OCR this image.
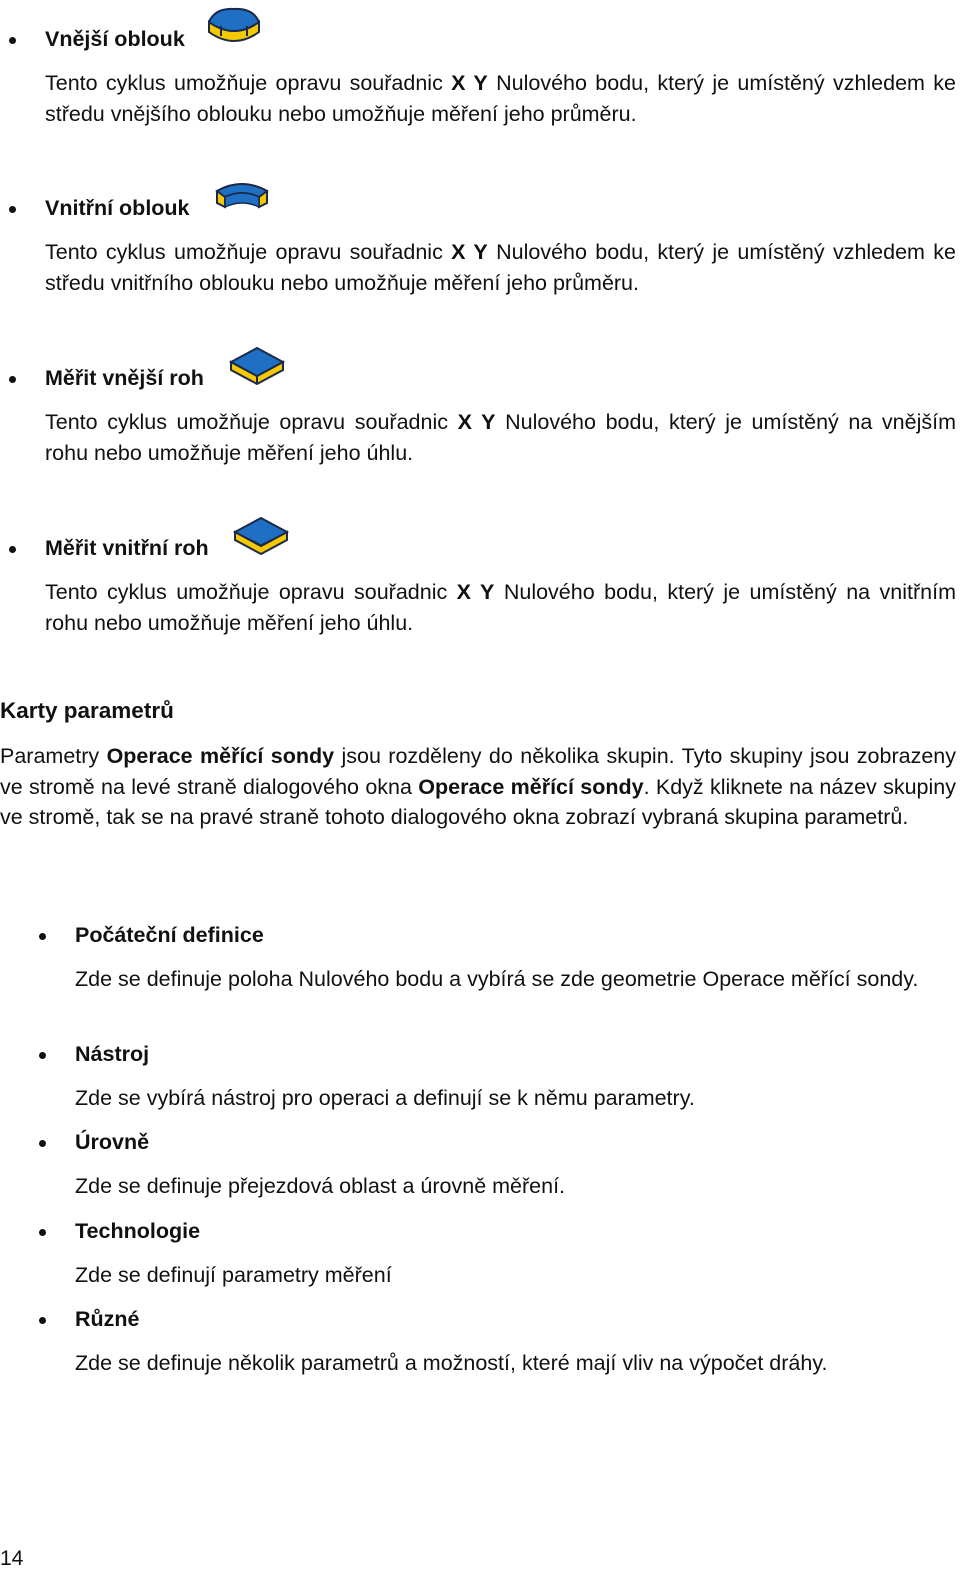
Vnější oblouk

Tento cyklus umožňuje opravu souřadnic X Y Nulového bodu, který je umístěný vzhledem ke středu vnějšího oblouku nebo umožňuje měření jeho průměru.

Vnitřní oblouk

Tento cyklus umožňuje opravu souřadnic X Y Nulového bodu, který je umístěný vzhledem ke středu vnitřního oblouku nebo umožňuje měření jeho průměru.

Měřit vnější roh

Tento cyklus umožňuje opravu souřadnic X Y Nulového bodu, který je umístěný na vnějším rohu nebo umožňuje měření jeho úhlu.

Měřit vnitřní roh

Tento cyklus umožňuje opravu souřadnic X Y Nulového bodu, který je umístěný na vnitřním rohu nebo umožňuje měření jeho úhlu.

Karty parametrů

Parametry Operace měřící sondy jsou rozděleny do několika skupin. Tyto skupiny jsou zobrazeny ve stromě na levé straně dialogového okna Operace měřící sondy. Když kliknete na název skupiny ve stromě, tak se na pravé straně tohoto dialogového okna zobrazí vybraná skupina parametrů.

Počáteční definice

Zde se definuje poloha Nulového bodu a vybírá se zde geometrie Operace měřící sondy.

Nástroj

Zde se vybírá nástroj pro operaci a definují se k němu parametry.

Úrovně

Zde se definuje přejezdová oblast a úrovně měření.

Technologie

Zde se definují parametry měření

Různé

Zde se definuje několik parametrů a možností, které mají vliv na výpočet dráhy.

14
